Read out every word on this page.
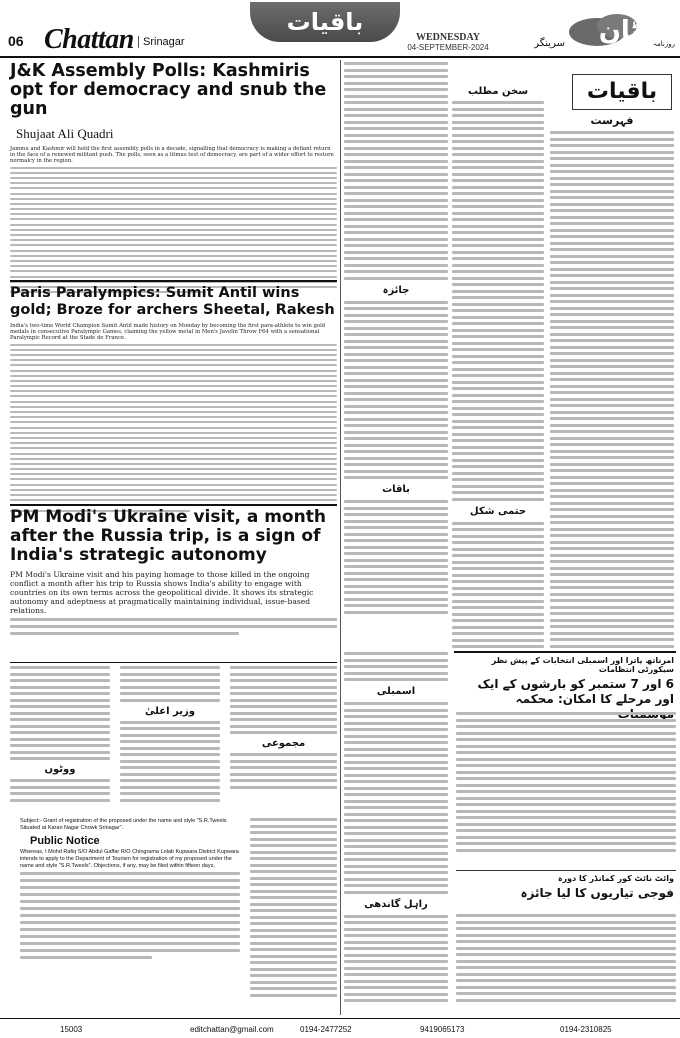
06 Chattan Srinagar
باقیات
WEDNESDAY
04-SEPTEMBER-2024	سرینگر	چٹان
روزنامہ
J&K Assembly Polls: Kashmiris opt for democracy and snub the gun
Shujaat Ali Quadri
Jammu and Kashmir will hold the first assembly polls in a decade, signalling that democracy is making a defiant return in the face of a renewed militant push. The polls, seen as a litmus test of democracy, are part of a wider effort to restore normalcy in the region.
Paris Paralympics: Sumit Antil wins gold; Broze for archers Sheetal, Rakesh
India's two-time World Champion Sumit Antil made history on Monday by becoming the first para-athlete to win gold medals in consecutive Paralympic Games, claiming the yellow metal in Men's Javelin Throw F64 with a sensational Paralympic Record at the Stade de France.
PM Modi's Ukraine visit, a month after the Russia trip, is a sign of India's strategic autonomy
PM Modi's Ukraine visit and his paying homage to those killed in the ongoing conflict a month after his trip to Russia shows India's ability to engage with countries on its own terms across the geopolitical divide. It shows its strategic autonomy and adeptness at pragmatically maintaining individual, issue-based relations.
ووٹوں
وزیر اعلیٰ
مجموعی
Subject:- Grant of registration of the proposed under the name and style "S.R.Tweels Situated at Karan Nagar Chowk Srinagar".
Public Notice
Whereas, I Mohd Rafiq S/O Abdul Gaffar R/O Chingrama Lolab Kupwara District Kupwara intends to apply to the Department of Tourism for registration of my proposed under the name and style "S.R.Tweels". Objections, if any, may be filed within fifteen days.
جائزہ
باقات
سخن مطلب
حتمی شکل
باقیات
فہرست
امرناتھ یاترا اور اسمبلی انتخابات کے پیش نظر سیکورٹی انتظامات
6 اور 7 ستمبر کو بارشوں کے ایک اور مرحلے کا امکان: محکمہ
وائٹ نائٹ کور کمانڈر کا دورہ
فوجی تیاریوں کا لیا جائزہ
اسمبلی
راہل گاندھی
editchattan@gmail.com	0194-2477252	9419065173	0194-2310825
15003
